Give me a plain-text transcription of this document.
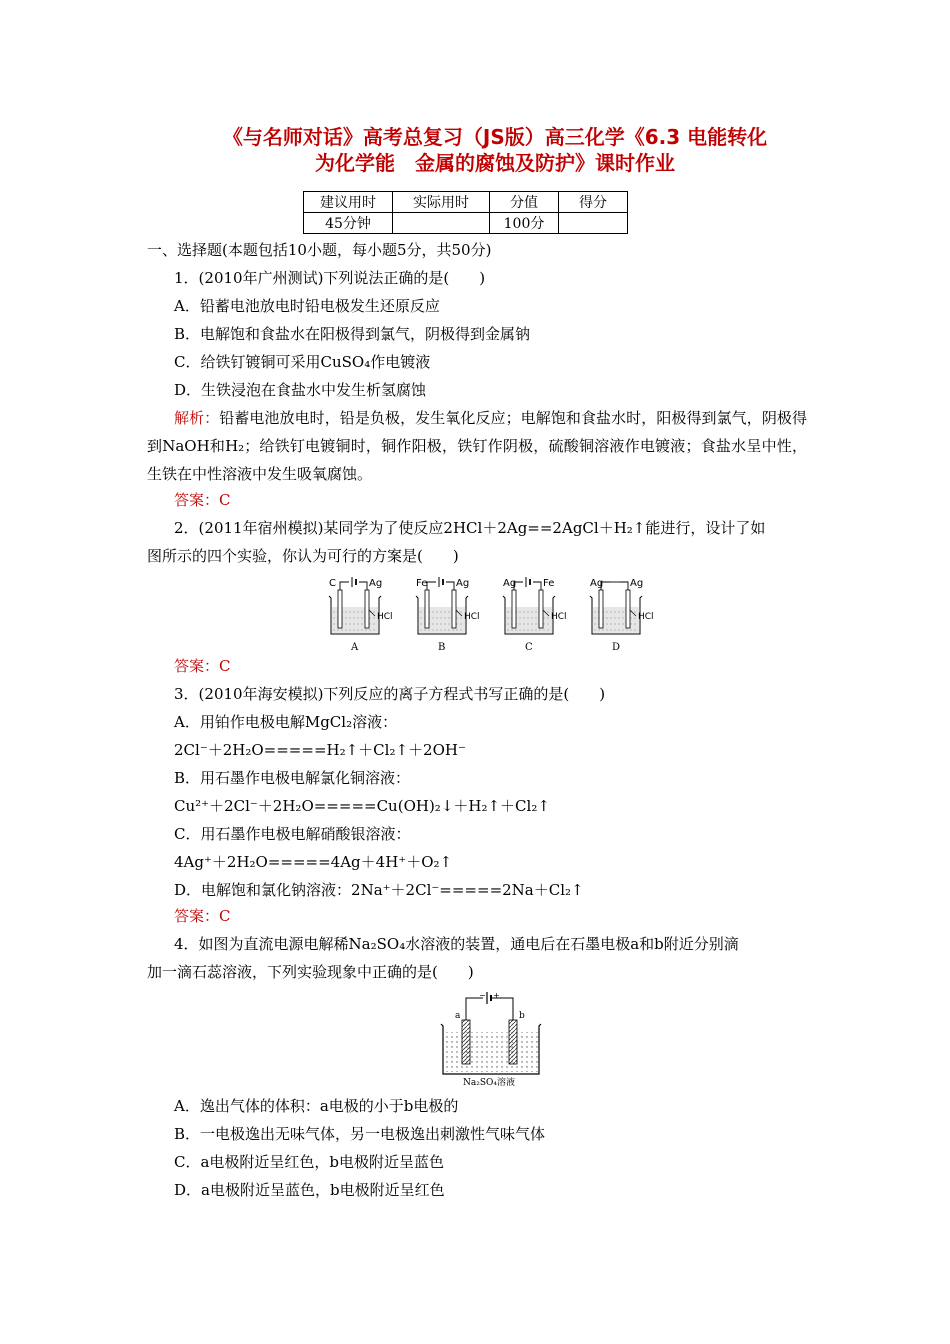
《与名师对话》高考总复习（JS版）高三化学《6.3 电能转化
为化学能　金属的腐蚀及防护》课时作业
建议用时	实际用时	分值	得分
45分钟		100分	
一、选择题(本题包括10小题，每小题5分，共50分)
1．(2010年广州测试)下列说法正确的是(　　)
A．铅蓄电池放电时铅电极发生还原反应
B．电解饱和食盐水在阳极得到氯气，阴极得到金属钠
C．给铁钉镀铜可采用CuSO₄作电镀液
D．生铁浸泡在食盐水中发生析氢腐蚀
解析：铅蓄电池放电时，铅是负极，发生氧化反应；电解饱和食盐水时，阳极得到氯气，阴极得到NaOH和H₂；给铁钉电镀铜时，铜作阳极，铁钉作阴极，硫酸铜溶液作电镀液；食盐水呈中性，生铁在中性溶液中发生吸氧腐蚀。
答案：C
2．(2011年宿州模拟)某同学为了使反应2HCl＋2Ag==2AgCl＋H₂↑能进行，设计了如
图所示的四个实验，你认为可行的方案是(　　)
C	Ag
HCl
A
Fe	Ag
HCl
B
Ag	Fe
HCl
C
Ag	Ag
HCl
D
答案：C
3．(2010年海安模拟)下列反应的离子方程式书写正确的是(　　)
A．用铂作电极电解MgCl₂溶液：
2Cl⁻＋2H₂O=====H₂↑＋Cl₂↑＋2OH⁻
B．用石墨作电极电解氯化铜溶液：
Cu²⁺＋2Cl⁻＋2H₂O=====Cu(OH)₂↓＋H₂↑＋Cl₂↑
C．用石墨作电极电解硝酸银溶液：
4Ag⁺＋2H₂O=====4Ag＋4H⁺＋O₂↑
D．电解饱和氯化钠溶液：2Na⁺＋2Cl⁻=====2Na＋Cl₂↑
答案：C
4．如图为直流电源电解稀Na₂SO₄水溶液的装置，通电后在石墨电极a和b附近分别滴
加一滴石蕊溶液，下列实验现象中正确的是(　　)
− +
a	b
Na₂SO₄溶液
A．逸出气体的体积：a电极的小于b电极的
B．一电极逸出无味气体，另一电极逸出刺激性气味气体
C．a电极附近呈红色，b电极附近呈蓝色
D．a电极附近呈蓝色，b电极附近呈红色
